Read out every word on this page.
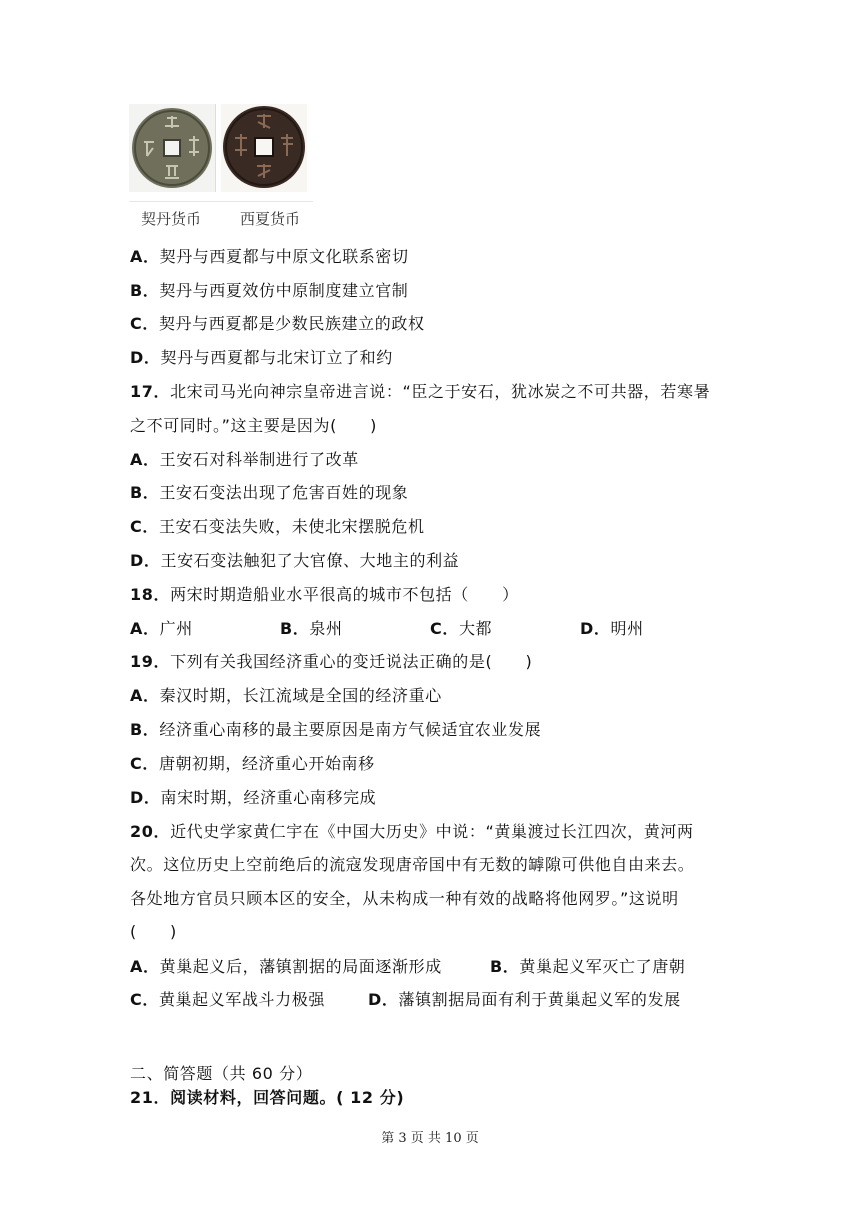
契丹货币	西夏货币
A．契丹与西夏都与中原文化联系密切
B．契丹与西夏效仿中原制度建立官制
C．契丹与西夏都是少数民族建立的政权
D．契丹与西夏都与北宋订立了和约
17．北宋司马光向神宗皇帝进言说：“臣之于安石，犹冰炭之不可共器，若寒暑
之不可同时。”这主要是因为(　　)
A．王安石对科举制进行了改革
B．王安石变法出现了危害百姓的现象
C．王安石变法失败，未使北宋摆脱危机
D．王安石变法触犯了大官僚、大地主的利益
18．两宋时期造船业水平很高的城市不包括（　　）
A．广州	B．泉州	C．大都	D．明州
19．下列有关我国经济重心的变迁说法正确的是(　　)
A．秦汉时期，长江流域是全国的经济重心
B．经济重心南移的最主要原因是南方气候适宜农业发展
C．唐朝初期，经济重心开始南移
D．南宋时期，经济重心南移完成
20．近代史学家黄仁宇在《中国大历史》中说：“黄巢渡过长江四次，黄河两
次。这位历史上空前绝后的流寇发现唐帝国中有无数的罅隙可供他自由来去。
各处地方官员只顾本区的安全，从未构成一种有效的战略将他网罗。”这说明
(　　)
A．黄巢起义后，藩镇割据的局面逐渐形成	B．黄巢起义军灭亡了唐朝
C．黄巢起义军战斗力极强	D．藩镇割据局面有利于黄巢起义军的发展
二、简答题（共 60 分）
21．阅读材料，回答问题。( 12 分)
第 3 页 共 10 页
